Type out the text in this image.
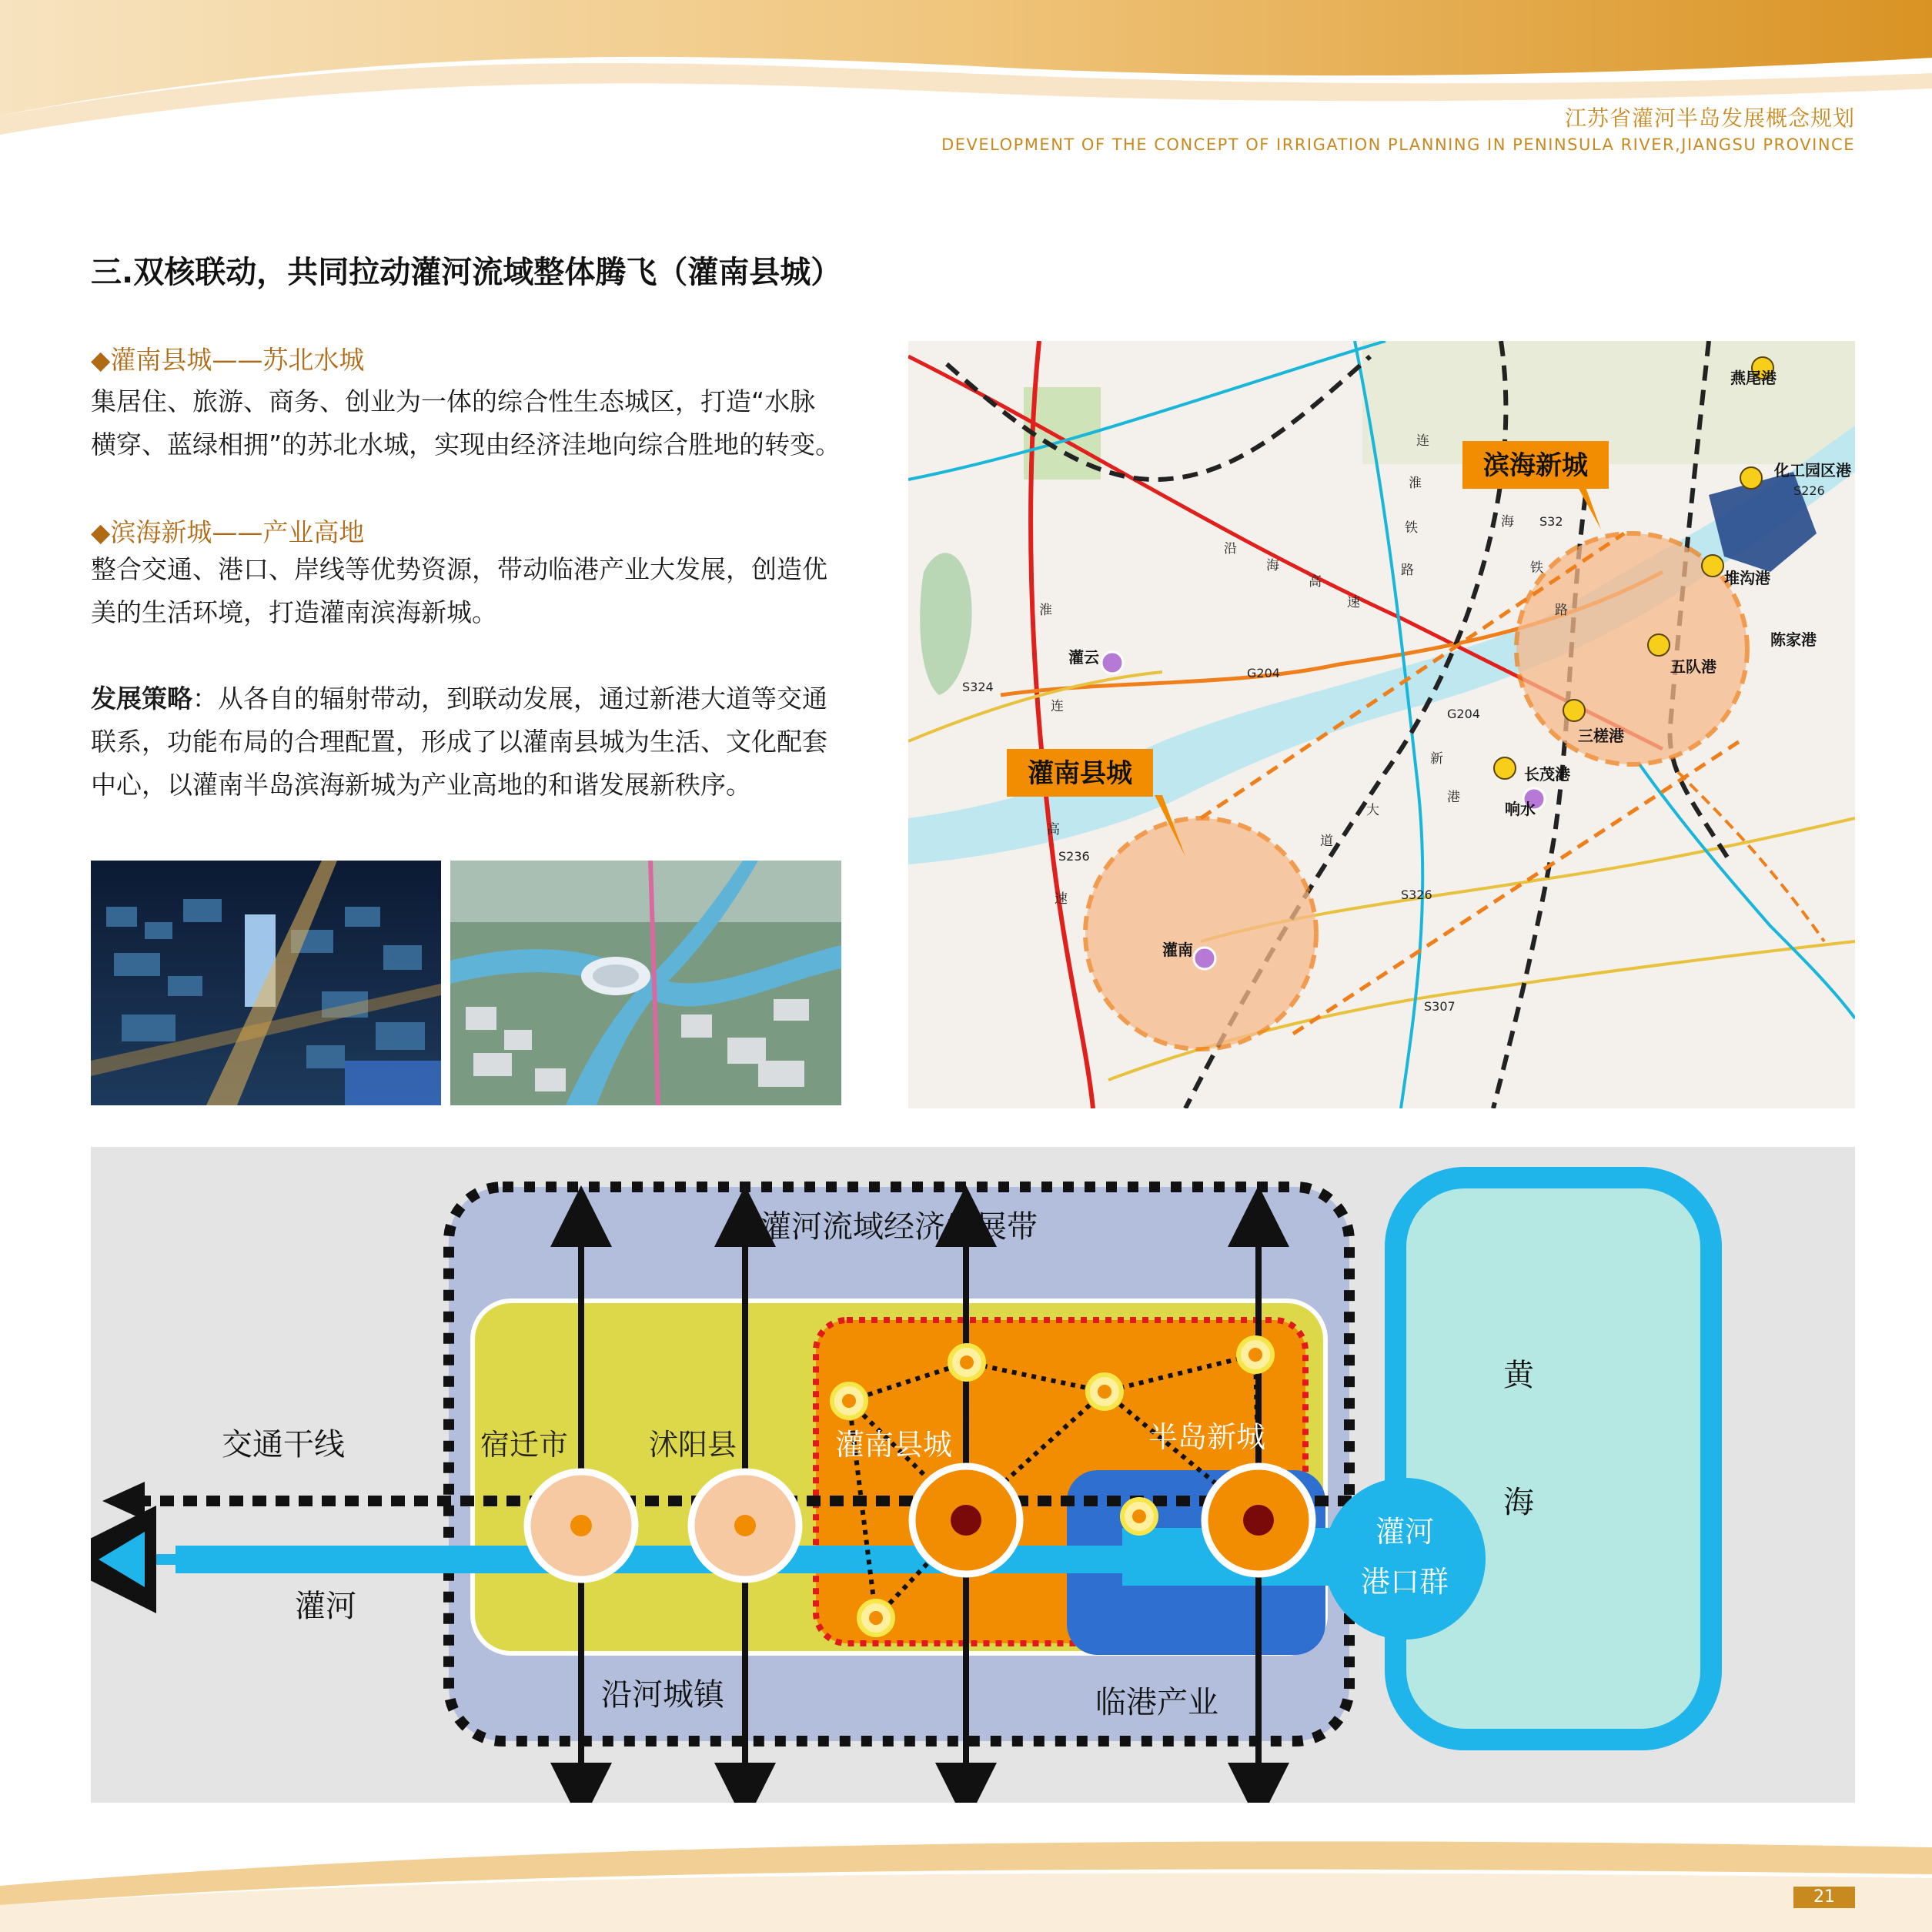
江苏省灌河半岛发展概念规划
DEVELOPMENT OF THE CONCEPT OF IRRIGATION PLANNING IN PENINSULA RIVER,JIANGSU PROVINCE
三.双核联动，共同拉动灌河流域整体腾飞（灌南县城）
◆灌南县城——苏北水城
集居住、旅游、商务、创业为一体的综合性生态城区，打造“水脉
横穿、蓝绿相拥”的苏北水城，实现由经济洼地向综合胜地的转变。
◆滨海新城——产业高地
整合交通、港口、岸线等优势资源，带动临港产业大发展，创造优
美的生活环境，打造灌南滨海新城。
发展策略：从各自的辐射带动，到联动发展，通过新港大道等交通
联系，功能布局的合理配置，形成了以灌南县城为生活、文化配套
中心，以灌南半岛滨海新城为产业高地的和谐发展新秩序。
燕尾港
化工园区港
堆沟港
五队港
三槎港
长茂港
陈家港
响水
灌云
灌南
S226
G204
S324
S326
S307
S236
G204
S32
连
淮
铁
路
沿
海
高
速
海
铁
路
新
港
大
道
淮
连
高
速
滨海新城
灌南县城
黄
海
灌河流域经济发展带
交通干线
灌河
灌河
港口群
宿迁市	沭阳县	灌南县城	半岛新城
沿河城镇	临港产业
21
